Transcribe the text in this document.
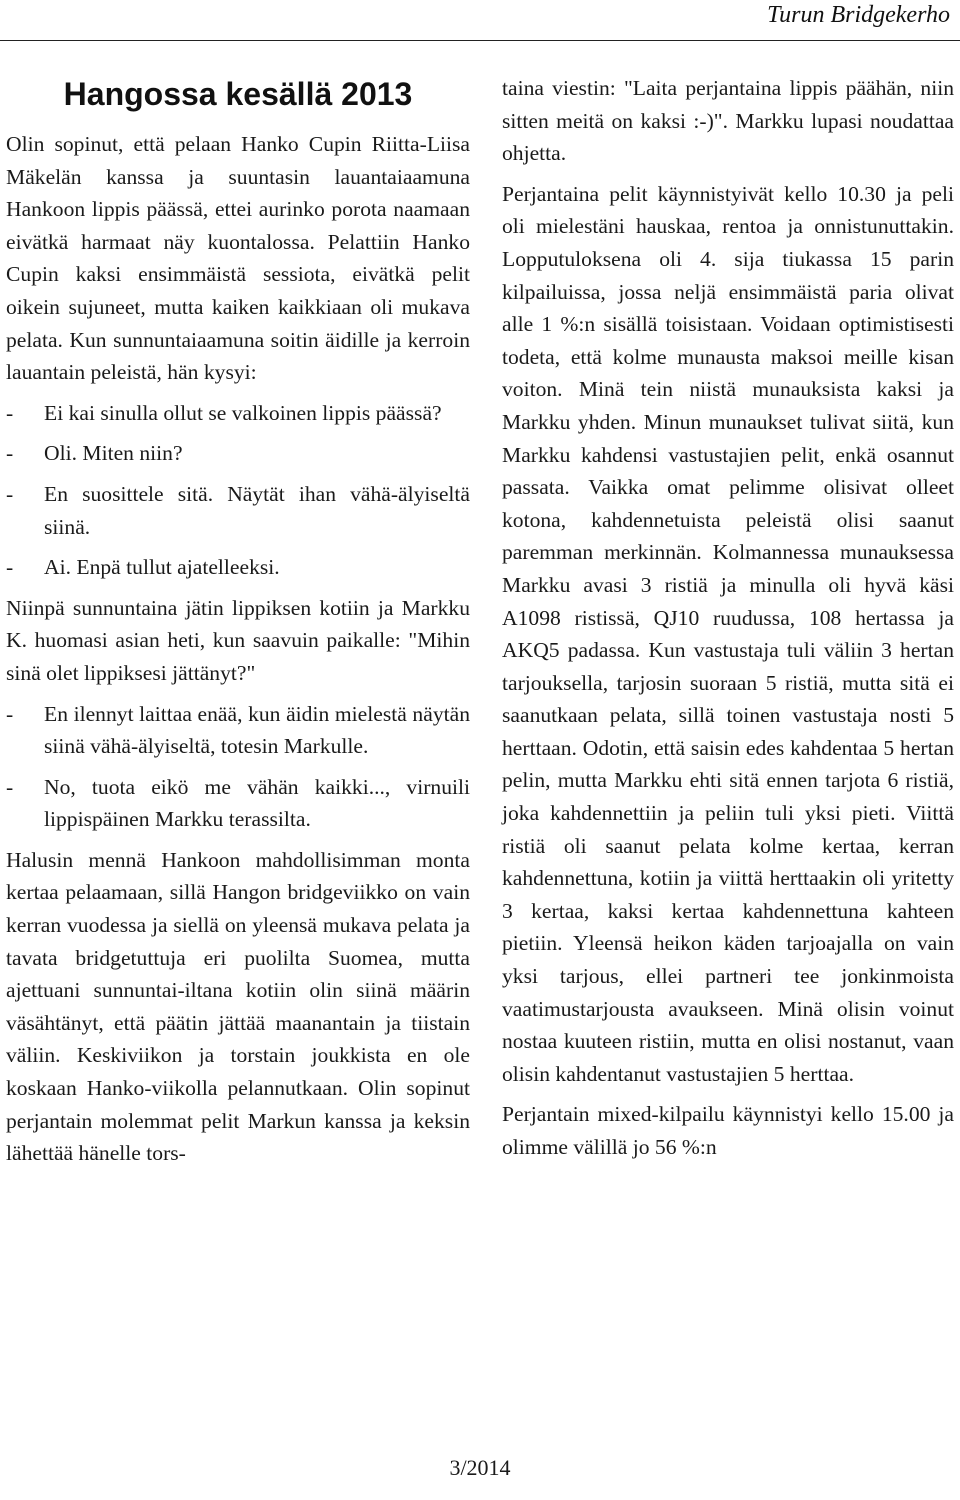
Turun Bridgekerho
Hangossa kesällä 2013
Olin sopinut, että pelaan Hanko Cupin Riitta-Liisa Mäkelän kanssa ja suuntasin lauantaiaamuna Hankoon lippis päässä, ettei aurinko porota naamaan eivätkä harmaat näy kuontalossa. Pelattiin Hanko Cupin kaksi ensimmäistä sessiota, eivätkä pelit oikein sujuneet, mutta kaiken kaikkiaan oli mukava pelata. Kun sunnuntaiaamuna soitin äidille ja kerroin lauantain peleistä, hän kysyi:
- Ei kai sinulla ollut se valkoinen lippis päässä?
- Oli. Miten niin?
- En suosittele sitä. Näytät ihan vähä-älyiseltä siinä.
- Ai. Enpä tullut ajatelleeksi.
Niinpä sunnuntaina jätin lippiksen kotiin ja Markku K. huomasi asian heti, kun saavuin paikalle: "Mihin sinä olet lippiksesi jättänyt?"
- En ilennyt laittaa enää, kun äidin mielestä näytän siinä vähä-älyiseltä, totesin Markulle.
- No, tuota eikö me vähän kaikki..., virnuili lippispäinen Markku terassilta.
Halusin mennä Hankoon mahdollisimman monta kertaa pelaamaan, sillä Hangon bridgeviikko on vain kerran vuodessa ja siellä on yleensä mukava pelata ja tavata bridgetuttuja eri puolilta Suomea, mutta ajettuani sunnuntai-iltana kotiin olin siinä määrin väsähtänyt, että päätin jättää maanantain ja tiistain väliin. Keskiviikon ja torstain joukkista en ole koskaan Hanko-viikolla pelannutkaan. Olin sopinut perjantain molemmat pelit Markun kanssa ja keksin lähettää hänelle tors-
taina viestin: "Laita perjantaina lippis päähän, niin sitten meitä on kaksi :-)". Markku lupasi noudattaa ohjetta.
Perjantaina pelit käynnistyivät kello 10.30 ja peli oli mielestäni hauskaa, rentoa ja onnistunuttakin. Lopputuloksena oli 4. sija tiukassa 15 parin kilpailuissa, jossa neljä ensimmäistä paria olivat alle 1 %:n sisällä toisistaan. Voidaan optimistisesti todeta, että kolme munausta maksoi meille kisan voiton. Minä tein niistä munauksista kaksi ja Markku yhden. Minun munaukset tulivat siitä, kun Markku kahdensi vastustajien pelit, enkä osannut passata. Vaikka omat pelimme olisivat olleet kotona, kahdennetuista peleistä olisi saanut paremman merkinnän. Kolmannessa munauksessa Markku avasi 3 ristiä ja minulla oli hyvä käsi A1098 ristissä, QJ10 ruudussa, 108 hertassa ja AKQ5 padassa. Kun vastustaja tuli väliin 3 hertan tarjouksella, tarjosin suoraan 5 ristiä, mutta sitä ei saanutkaan pelata, sillä toinen vastustaja nosti 5 herttaan. Odotin, että saisin edes kahdentaa 5 hertan pelin, mutta Markku ehti sitä ennen tarjota 6 ristiä, joka kahdennettiin ja peliin tuli yksi pieti. Viittä ristiä oli saanut pelata kolme kertaa, kerran kahdennettuna, kotiin ja viittä herttaakin oli yritetty 3 kertaa, kaksi kertaa kahdennettuna kahteen pietiin. Yleensä heikon käden tarjoajalla on vain yksi tarjous, ellei partneri tee jonkinmoista vaatimustarjousta avaukseen. Minä olisin voinut nostaa kuuteen ristiin, mutta en olisi nostanut, vaan olisin kahdentanut vastustajien 5 herttaa.
Perjantain mixed-kilpailu käynnistyi kello 15.00 ja olimme välillä jo 56 %:n
3/2014
